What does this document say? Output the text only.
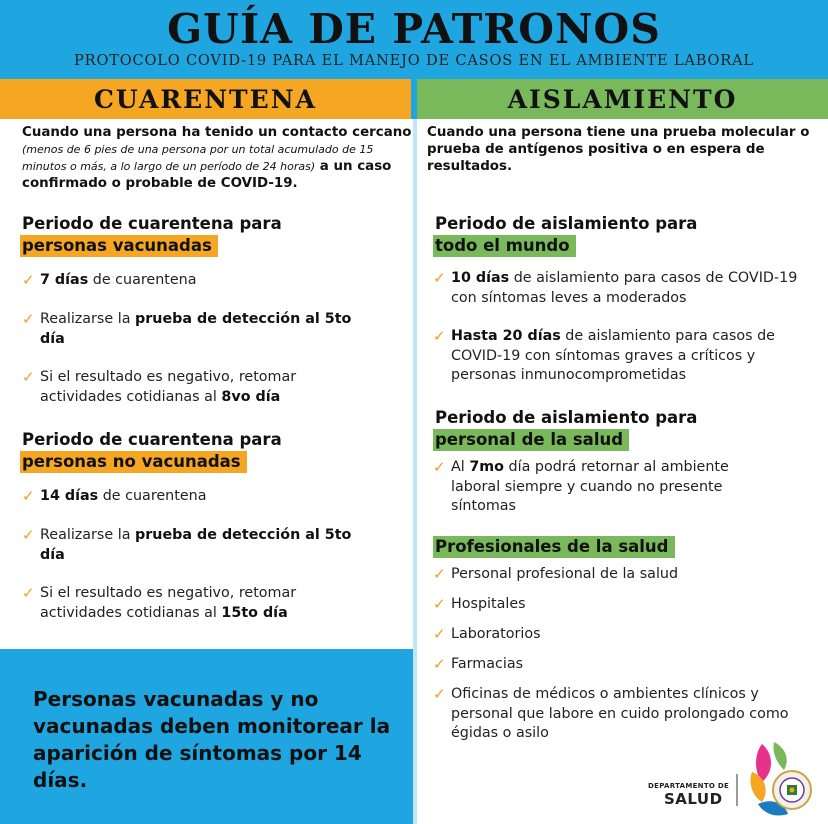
GUÍA DE PATRONOS
PROTOCOLO COVID-19 PARA EL MANEJO DE CASOS EN EL AMBIENTE LABORAL
CUARENTENA	AISLAMIENTO
Cuando una persona ha tenido un contacto cercano (menos de 6 pies de una persona por un total acumulado de 15 minutos o más, a lo largo de un período de 24 horas) a un caso confirmado o probable de COVID-19.
Periodo de cuarentena para
personas vacunadas
✓ 7 días de cuarentena
✓ Realizarse la prueba de detección al 5to día
✓ Si el resultado es negativo, retomar actividades cotidianas al 8vo día
Periodo de cuarentena para
personas no vacunadas
✓ 14 días de cuarentena
✓ Realizarse la prueba de detección al 5to día
✓ Si el resultado es negativo, retomar actividades cotidianas al 15to día
Personas vacunadas y no vacunadas deben monitorear la aparición de síntomas por 14 días.
Cuando una persona tiene una prueba molecular o prueba de antígenos positiva o en espera de resultados.
Periodo de aislamiento para
todo el mundo
✓ 10 días de aislamiento para casos de COVID-19 con síntomas leves a moderados
✓ Hasta 20 días de aislamiento para casos de COVID-19 con síntomas graves a críticos y personas inmunocomprometidas
Periodo de aislamiento para
personal de la salud
✓ Al 7mo día podrá retornar al ambiente laboral siempre y cuando no presente síntomas
Profesionales de la salud
✓ Personal profesional de la salud
✓ Hospitales
✓ Laboratorios
✓ Farmacias
✓ Oficinas de médicos o ambientes clínicos y personal que labore en cuido prolongado como égidas o asilo
DEPARTAMENTO DE
SALUD
